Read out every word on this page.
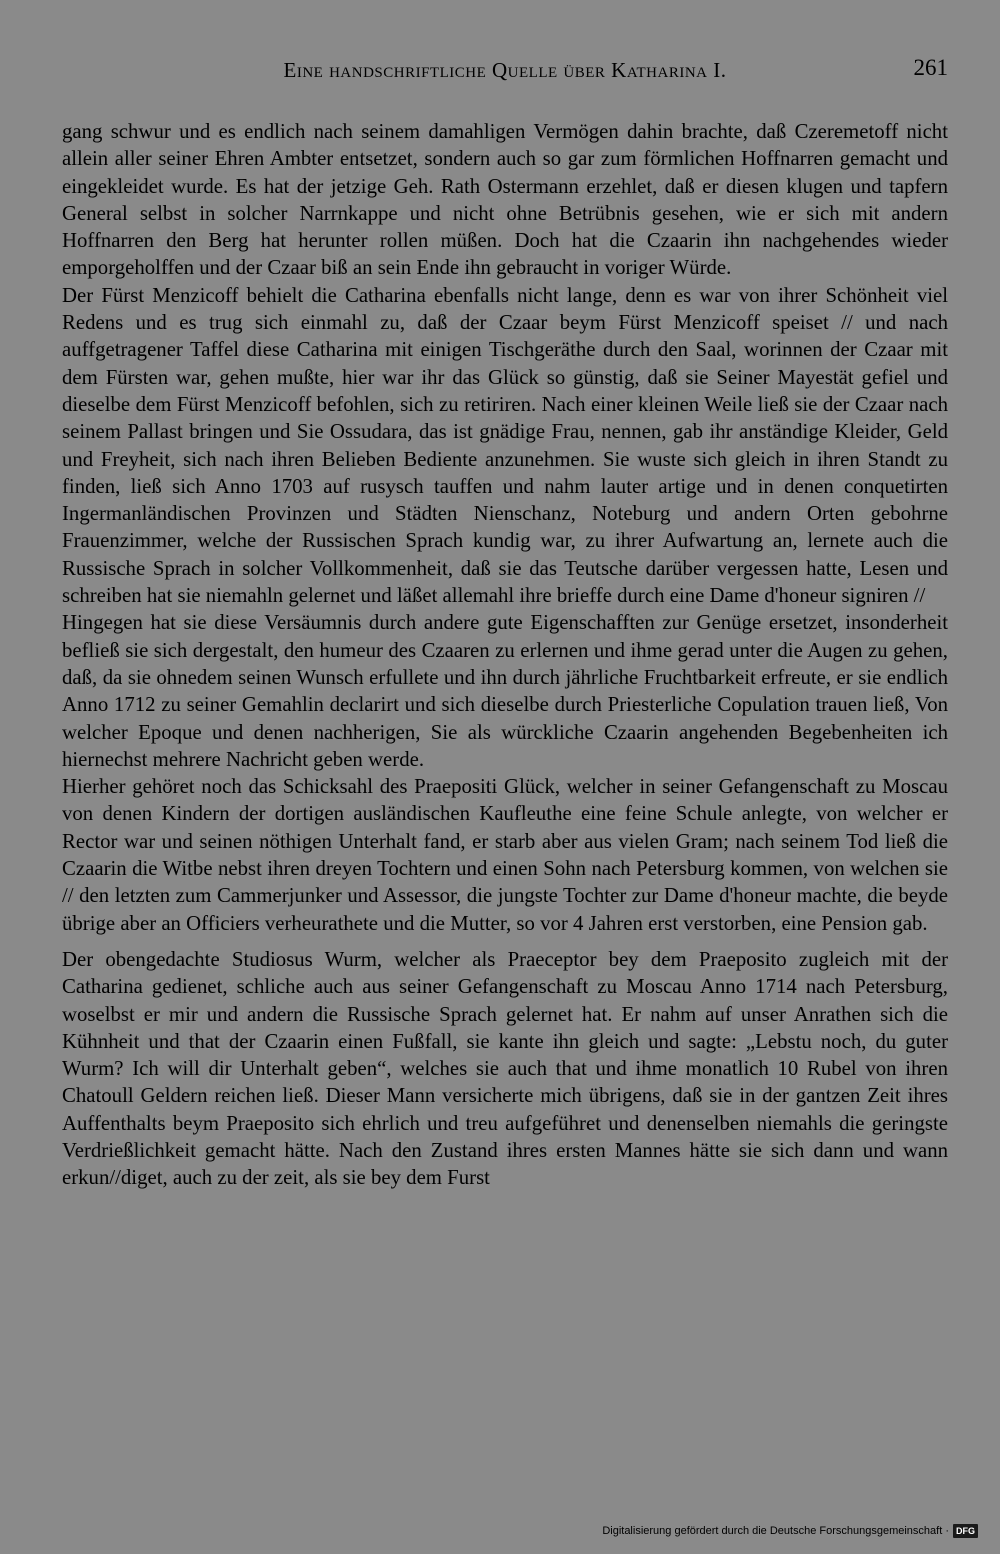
Eine handschriftliche Quelle über Katharina I.	261

gang schwur und es endlich nach seinem damahligen Vermögen dahin brachte, daß Czeremetoff nicht allein aller seiner Ehren Ambter entsetzet, sondern auch so gar zum förmlichen Hoffnarren gemacht und eingekleidet wurde. Es hat der jetzige Geh. Rath Ostermann erzehlet, daß er diesen klugen und tapfern General selbst in solcher Narrnkappe und nicht ohne Betrübnis gesehen, wie er sich mit andern Hoffnarren den Berg hat herunter rollen müßen. Doch hat die Czaarin ihn nachgehendes wieder emporgeholffen und der Czaar biß an sein Ende ihn gebraucht in voriger Würde.

Der Fürst Menzicoff behielt die Catharina ebenfalls nicht lange, denn es war von ihrer Schönheit viel Redens und es trug sich einmahl zu, daß der Czaar beym Fürst Menzicoff speiset // und nach auffgetragener Taffel diese Catharina mit einigen Tischgeräthe durch den Saal, worinnen der Czaar mit dem Fürsten war, gehen mußte, hier war ihr das Glück so günstig, daß sie Seiner Mayestät gefiel und dieselbe dem Fürst Menzicoff befohlen, sich zu retiriren. Nach einer kleinen Weile ließ sie der Czaar nach seinem Pallast bringen und Sie Ossudara, das ist gnädige Frau, nennen, gab ihr anständige Kleider, Geld und Freyheit, sich nach ihren Belieben Bediente anzunehmen. Sie wuste sich gleich in ihren Standt zu finden, ließ sich Anno 1703 auf rusysch tauffen und nahm lauter artige und in denen conquetirten Ingermanländischen Provinzen und Städten Nienschanz, Noteburg und andern Orten gebohrne Frauenzimmer, welche der Russischen Sprach kundig war, zu ihrer Aufwartung an, lernete auch die Russische Sprach in solcher Vollkommenheit, daß sie das Teutsche darüber vergessen hatte, Lesen und schreiben hat sie niemahln gelernet und läßet allemahl ihre brieffe durch eine Dame d'honeur signiren //

Hingegen hat sie diese Versäumnis durch andere gute Eigenschafften zur Genüge ersetzet, insonderheit befließ sie sich dergestalt, den humeur des Czaaren zu erlernen und ihme gerad unter die Augen zu gehen, daß, da sie ohnedem seinen Wunsch erfullete und ihn durch jährliche Fruchtbarkeit erfreute, er sie endlich Anno 1712 zu seiner Gemahlin declarirt und sich dieselbe durch Priesterliche Copulation trauen ließ, Von welcher Epoque und denen nachherigen, Sie als würckliche Czaarin angehenden Begebenheiten ich hiernechst mehrere Nachricht geben werde.

Hierher gehöret noch das Schicksahl des Praepositi Glück, welcher in seiner Gefangenschaft zu Moscau von denen Kindern der dortigen ausländischen Kaufleuthe eine feine Schule anlegte, von welcher er Rector war und seinen nöthigen Unterhalt fand, er starb aber aus vielen Gram; nach seinem Tod ließ die Czaarin die Witbe nebst ihren dreyen Tochtern und einen Sohn nach Petersburg kommen, von welchen sie // den letzten zum Cammerjunker und Assessor, die jungste Tochter zur Dame d'honeur machte, die beyde übrige aber an Officiers verheurathete und die Mutter, so vor 4 Jahren erst verstorben, eine Pension gab.

Der obengedachte Studiosus Wurm, welcher als Praeceptor bey dem Praeposito zugleich mit der Catharina gedienet, schliche auch aus seiner Gefangenschaft zu Moscau Anno 1714 nach Petersburg, woselbst er mir und andern die Russische Sprach gelernet hat. Er nahm auf unser Anrathen sich die Kühnheit und that der Czaarin einen Fußfall, sie kante ihn gleich und sagte: „Lebstu noch, du guter Wurm? Ich will dir Unterhalt geben“, welches sie auch that und ihme monatlich 10 Rubel von ihren Chatoull Geldern reichen ließ. Dieser Mann versicherte mich übrigens, daß sie in der gantzen Zeit ihres Auffenthalts beym Praeposito sich ehrlich und treu aufgeführet und denenselben niemahls die geringste Verdrießlichkeit gemacht hätte. Nach den Zustand ihres ersten Mannes hätte sie sich dann und wann erkun//diget, auch zu der zeit, als sie bey dem Furst

Digitalisierung gefördert durch die Deutsche Forschungsgemeinschaft · DFG
